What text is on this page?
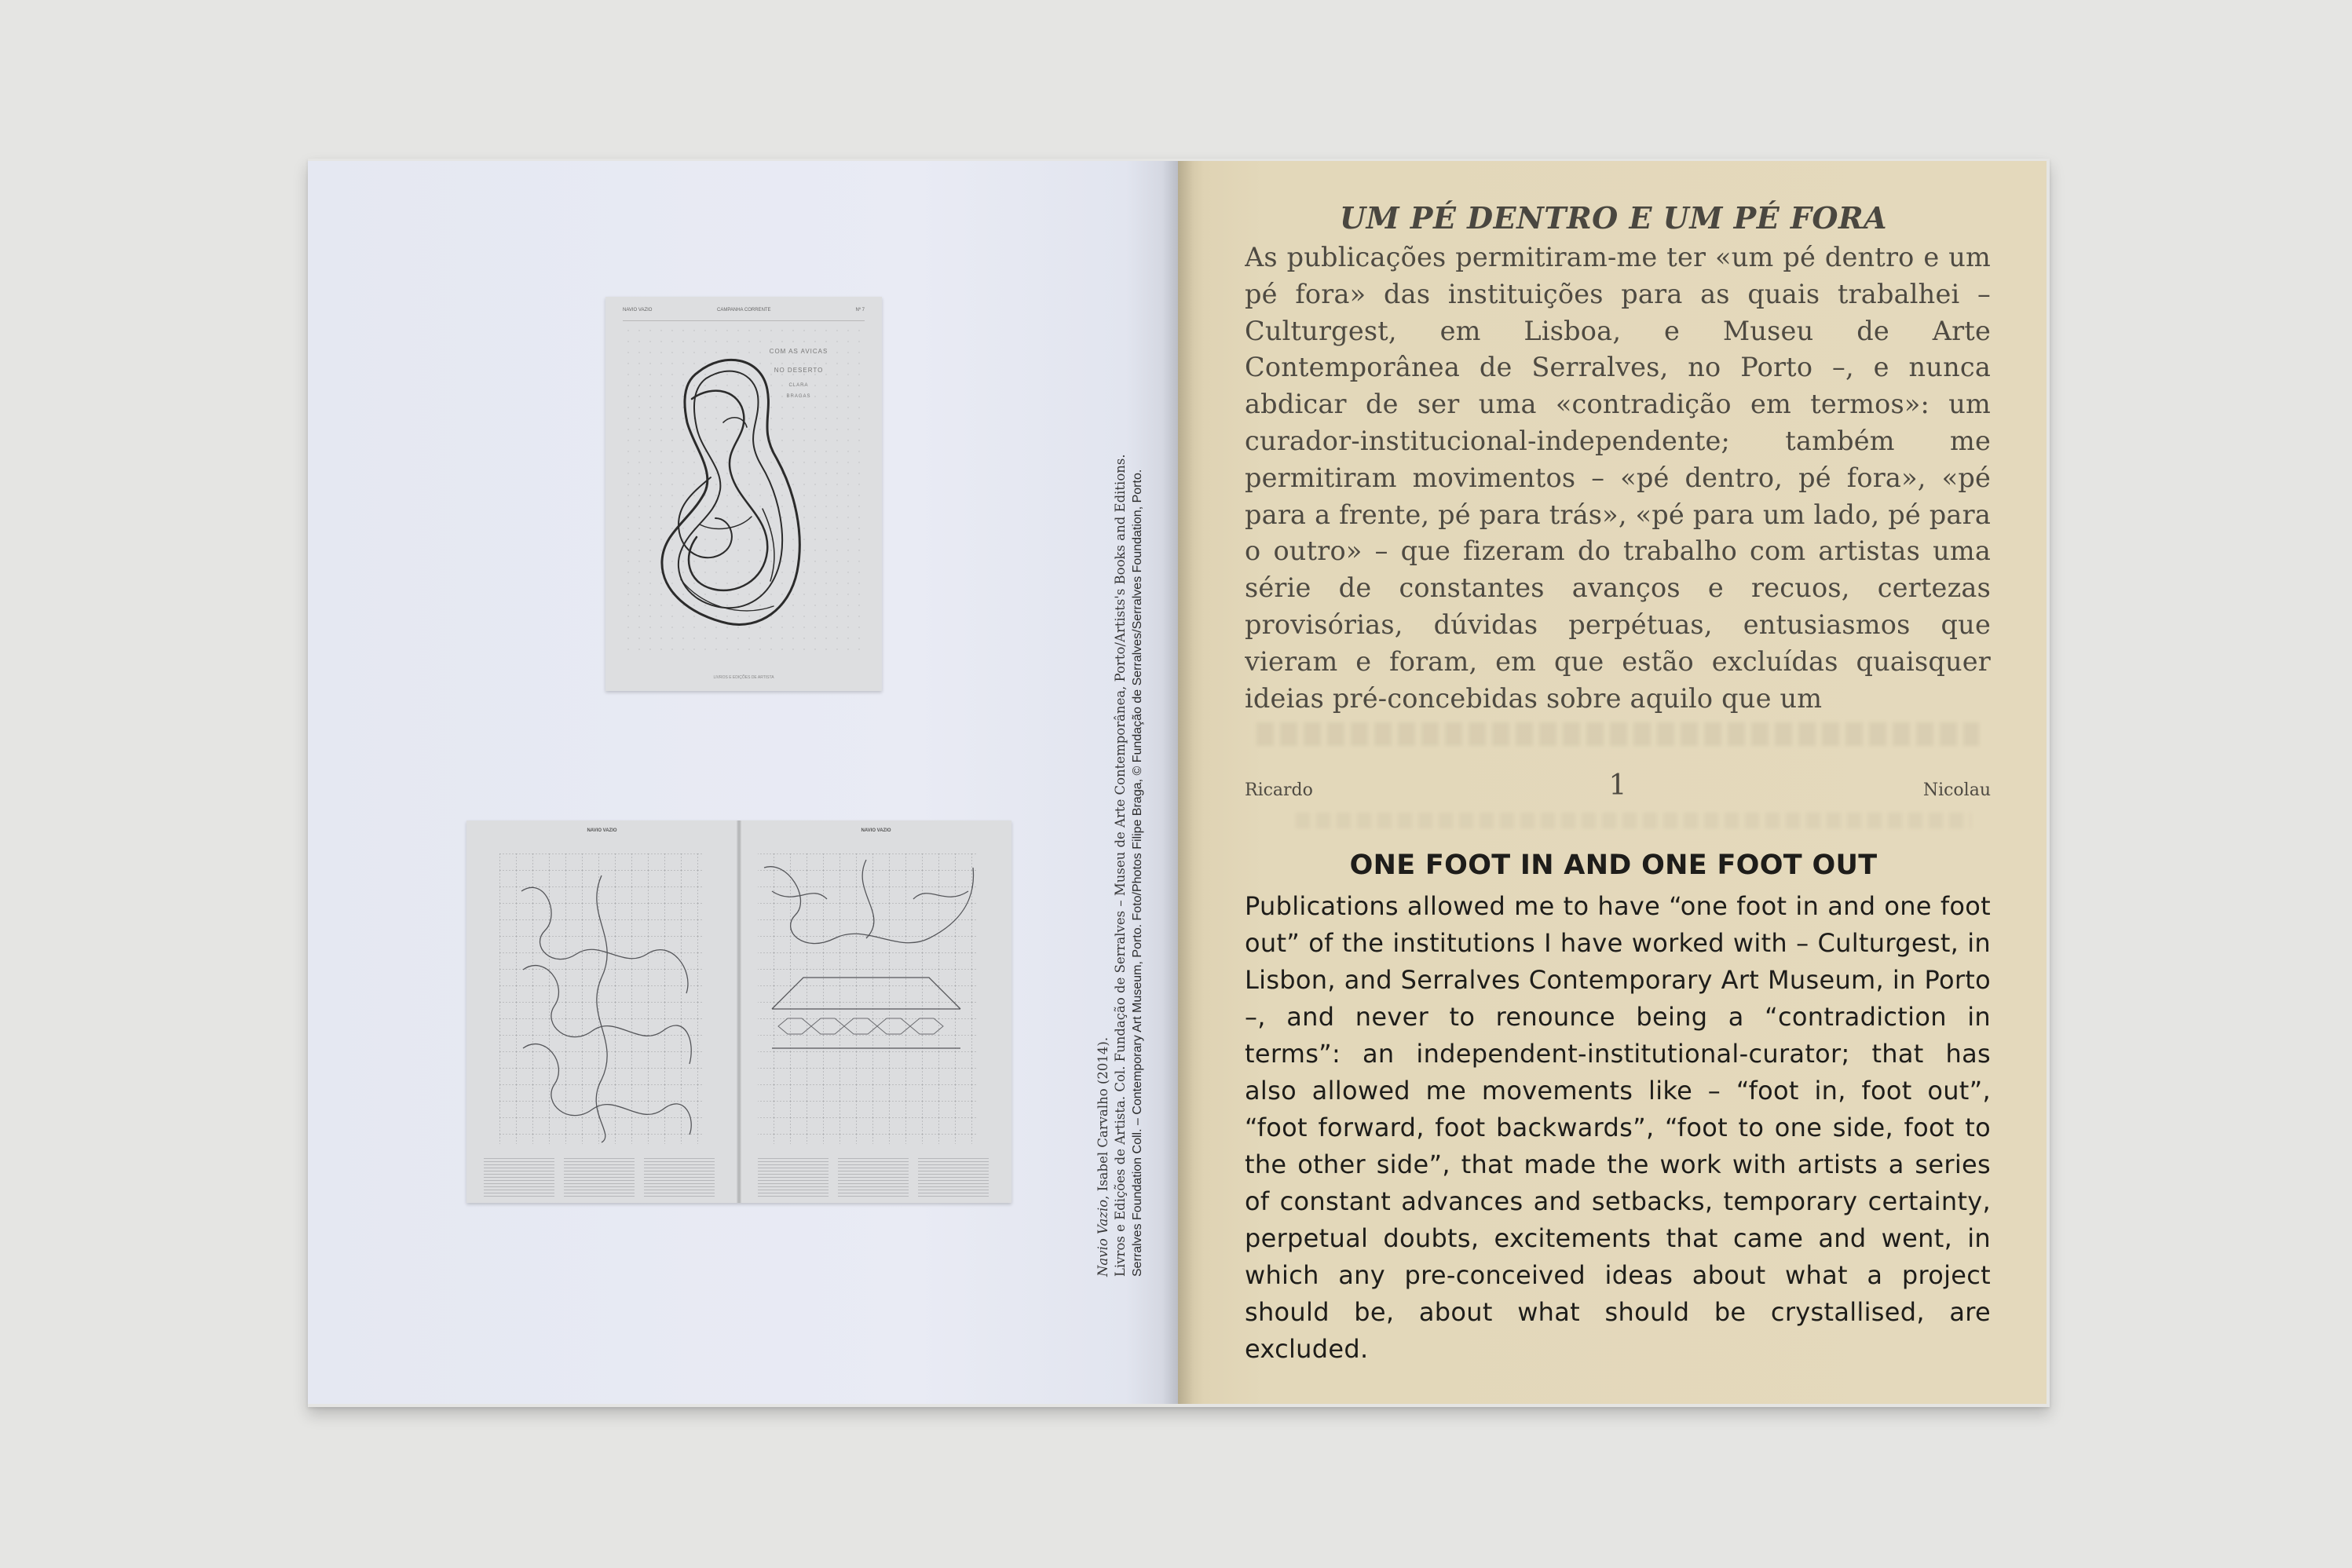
NAVIO VAZIO	CAMPANHA CORRENTE	Nº 7
LIVROS E EDIÇÕES DE ARTISTA
NAVIO VAZIO	NAVIO VAZIO
Navio Vazio, Isabel Carvalho (2014). Livros e Edições de Artista. Col. Fundação de Serralves – Museu de Arte Contemporânea, Porto/Artists's Books and Editions. Serralves Foundation Coll. – Contemporary Art Museum, Porto. Foto/Photos Filipe Braga, © Fundação de Serralves/Serralves Foundation, Porto.
UM PÉ DENTRO E UM PÉ FORA

As publicações permitiram-me ter «um pé dentro e um pé fora» das instituições para as quais trabalhei – Culturgest, em Lisboa, e Museu de Arte Contemporânea de Serralves, no Porto –, e nunca abdicar de ser uma «contradição em termos»: um curador-institucional-independente; também me permitiram movimentos – «pé dentro, pé fora», «pé para a frente, pé para trás», «pé para um lado, pé para o outro» – que fizeram do trabalho com artistas uma série de constantes avanços e recuos, certezas provisórias, dúvidas perpétuas, entusiasmos que vieram e foram, em que estão excluídas quaisquer ideias pré-concebidas sobre aquilo que um

Ricardo	1	Nicolau
ONE FOOT IN AND ONE FOOT OUT

Publications allowed me to have “one foot in and one foot out” of the institutions I have worked with – Culturgest, in Lisbon, and Serralves Contemporary Art Museum, in Porto –, and never to renounce being a “contradiction in terms”: an independent-institutional-curator; that has also allowed me movements like – “foot in, foot out”, “foot forward, foot backwards”, “foot to one side, foot to the other side”, that made the work with artists a series of constant advances and setbacks, temporary certainty, perpetual doubts, excitements that came and went, in which any pre-conceived ideas about what a project should be, about what should be crystallised, are excluded.
